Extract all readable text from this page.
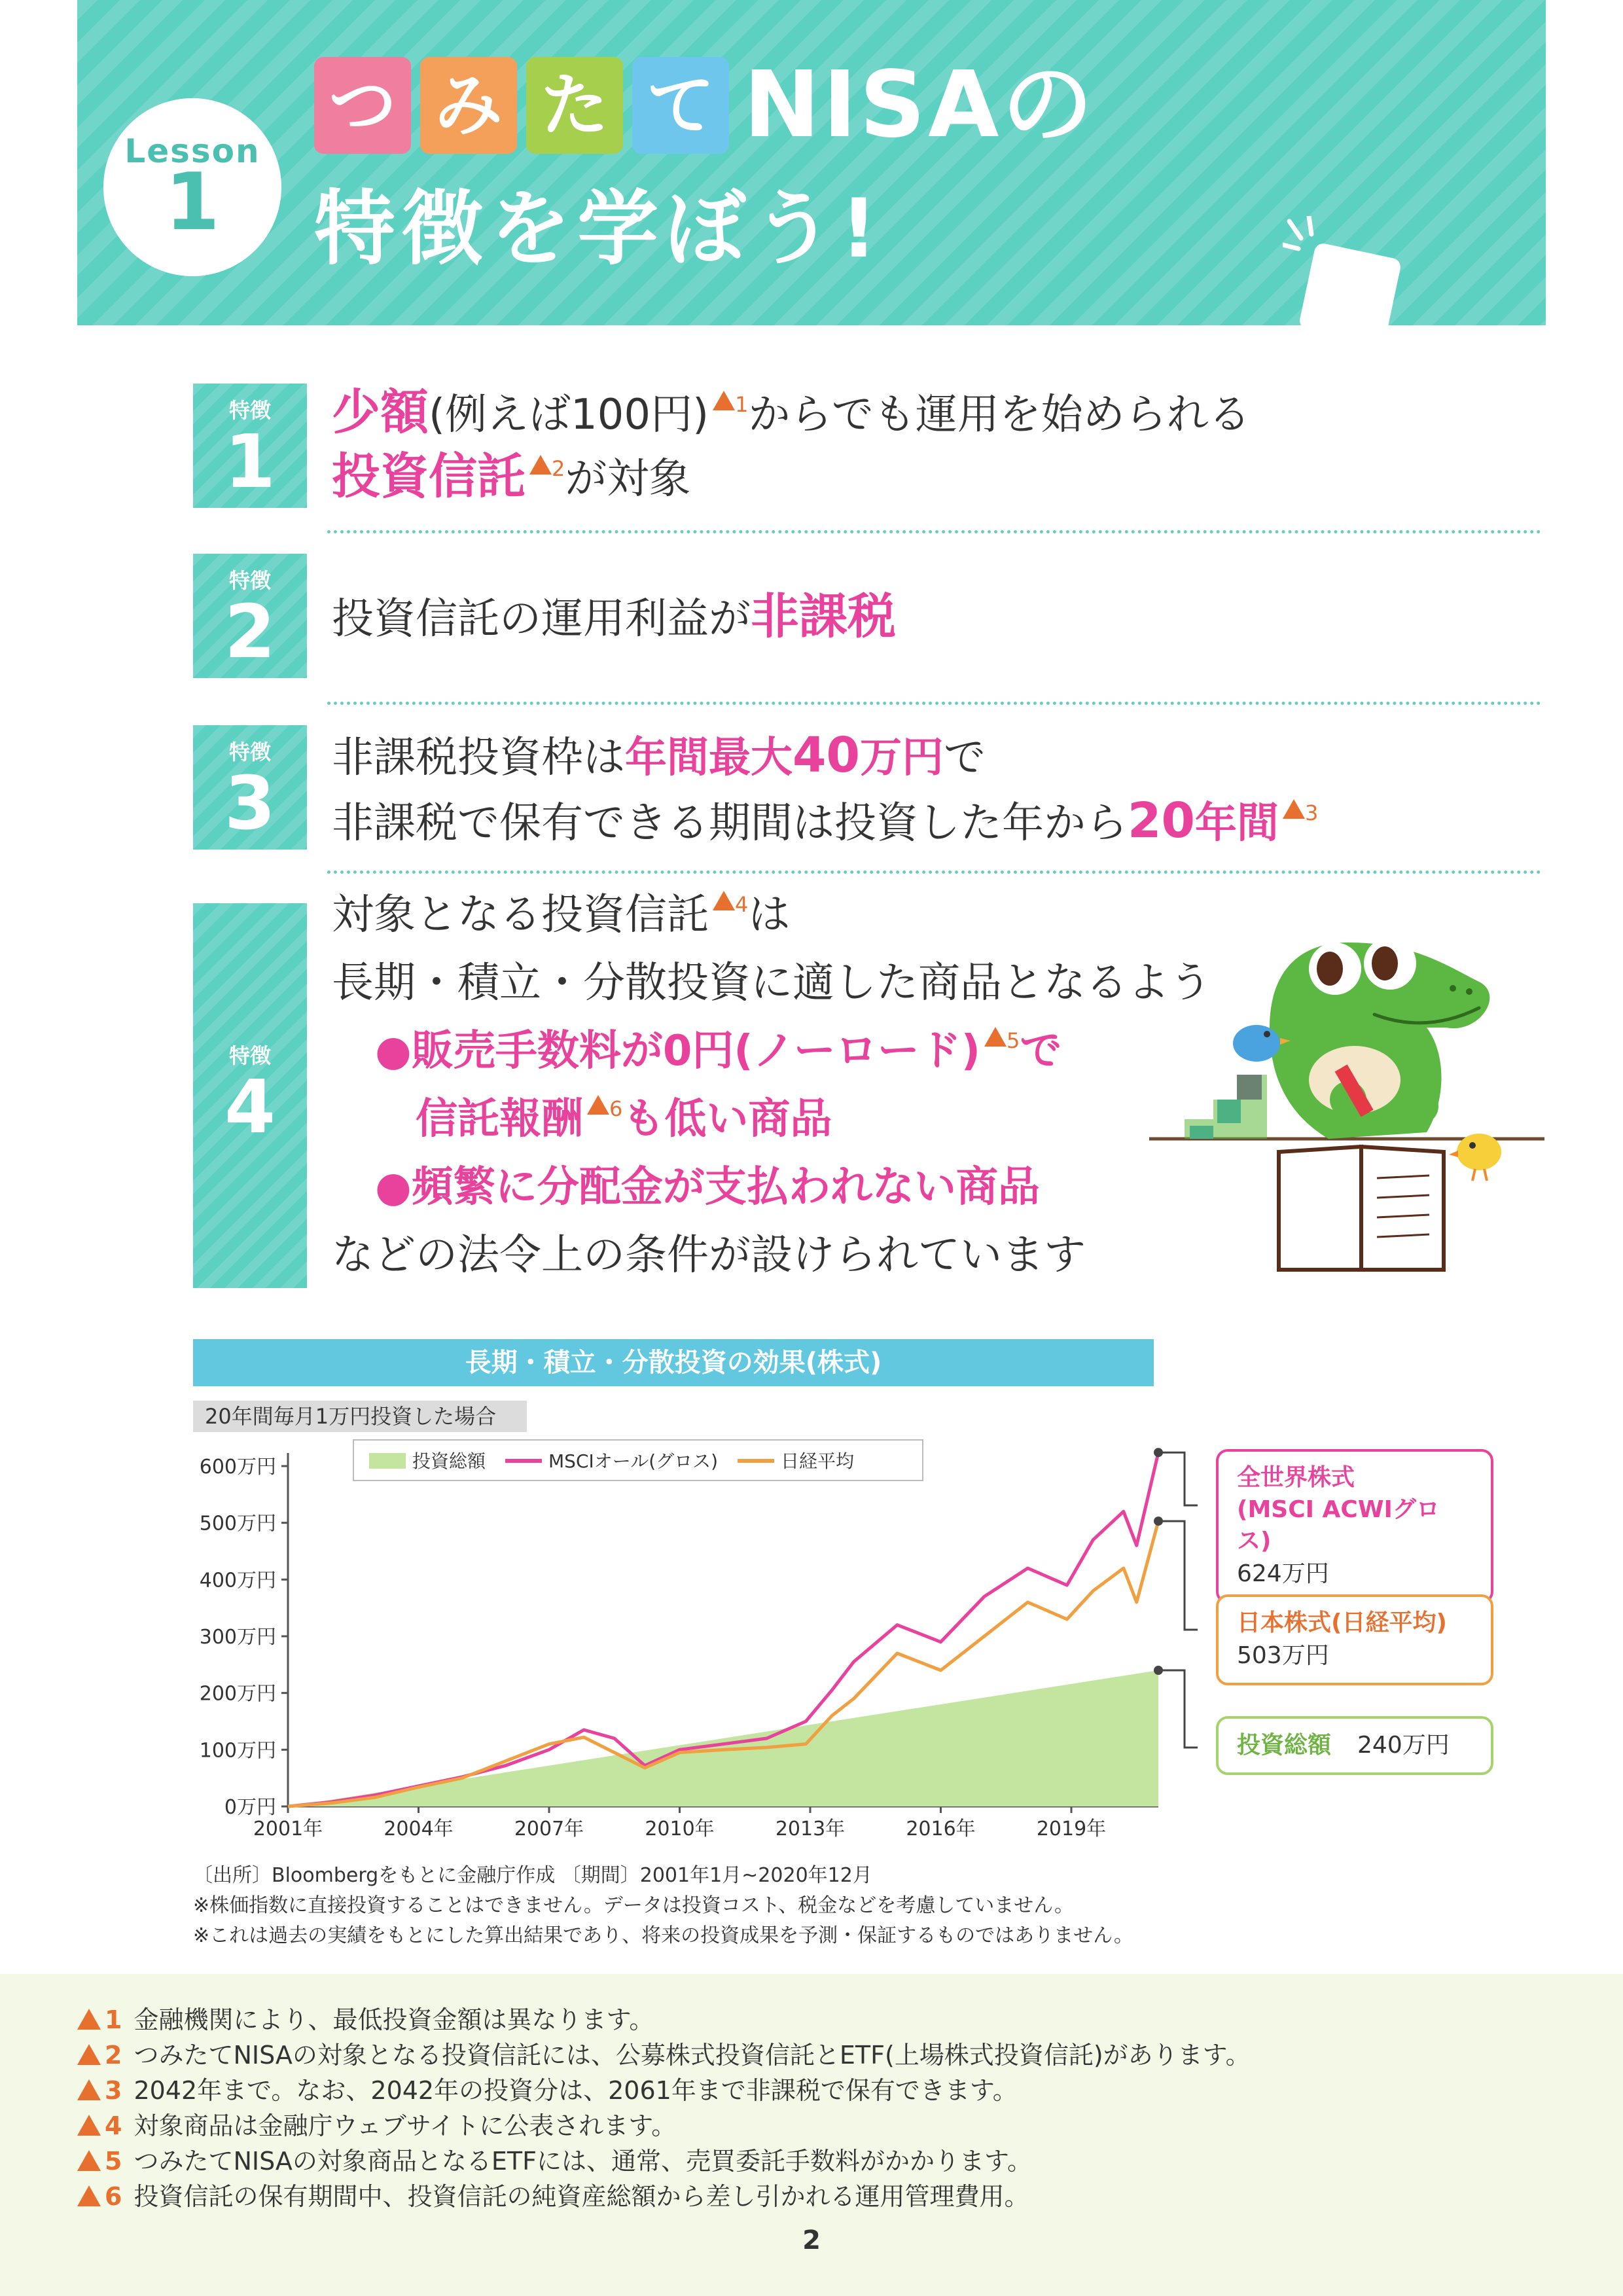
Lesson
1
つ み た て NISAの
特徴を学ぼう!
特徴
1
少額(例えば100円) $^1$からでも運用を始められる
投資信託 $^2$が対象
特徴
2	投資信託の運用利益が非課税
特徴
3
非課税投資枠は年間最大40万円で
非課税で保有できる期間は投資した年から20年間 $^3$
特徴
4
対象となる投資信託 $^4$は
長期・積立・分散投資に適した商品となるよう
●販売手数料が0円(ノーロード) $^5$で
信託報酬 $^6$も低い商品
●頻繁に分配金が支払われない商品
などの法令上の条件が設けられています
長期・積立・分散投資の効果(株式)
20年間毎月1万円投資した場合
0万円
100万円
200万円
300万円
400万円
500万円
600万円
2001年	2004年	2007年	2010年	2013年	2016年	2019年
投資総額	MSCIオール(グロス)	日経平均
全世界株式
(MSCI ACWIグロス)
624万円
日本株式(日経平均)
503万円
投資総額 240万円
〔出所〕Bloombergをもとに金融庁作成 〔期間〕2001年1月~2020年12月
※株価指数に直接投資することはできません。データは投資コスト、税金などを考慮していません。
※これは過去の実績をもとにした算出結果であり、将来の投資成果を予測・保証するものではありません。
1 金融機関により、最低投資金額は異なります。
2 つみたてNISAの対象となる投資信託には、公募株式投資信託とETF(上場株式投資信託)があります。
3 2042年まで。なお、2042年の投資分は、2061年まで非課税で保有できます。
4 対象商品は金融庁ウェブサイトに公表されます。
5 つみたてNISAの対象商品となるETFには、通常、売買委託手数料がかかります。
6 投資信託の保有期間中、投資信託の純資産総額から差し引かれる運用管理費用。
2
